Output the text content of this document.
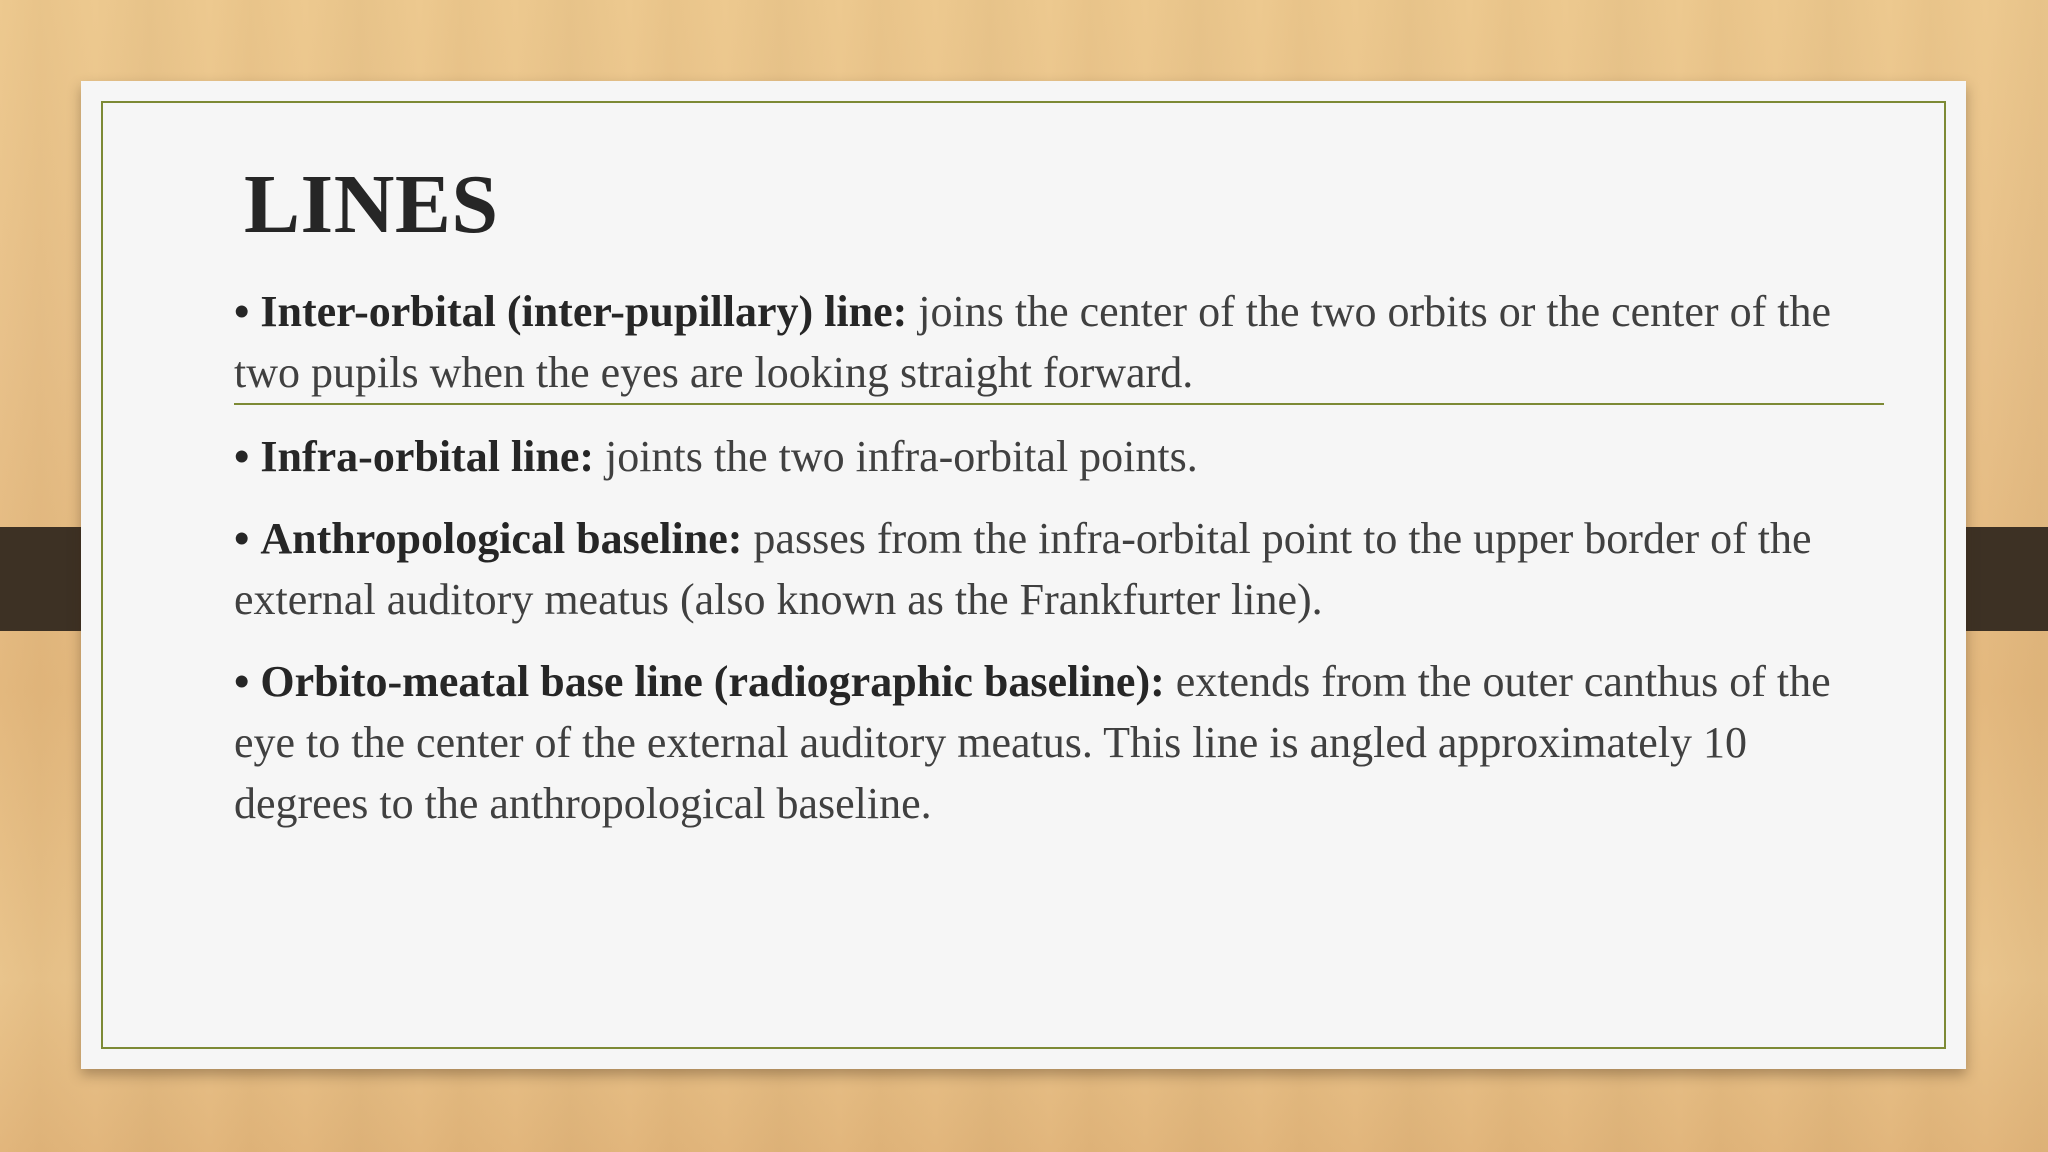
LINES
• Inter-orbital (inter-pupillary) line: joins the center of the two orbits or the center of the two pupils when the eyes are looking straight forward.
• Infra-orbital line: joints the two infra-orbital points.
• Anthropological baseline: passes from the infra-orbital point to the upper border of the external auditory meatus (also known as the Frankfurter line).
• Orbito-meatal base line (radiographic baseline): extends from the outer canthus of the eye to the center of the external auditory meatus. This line is angled approximately 10 degrees to the anthropological baseline.
